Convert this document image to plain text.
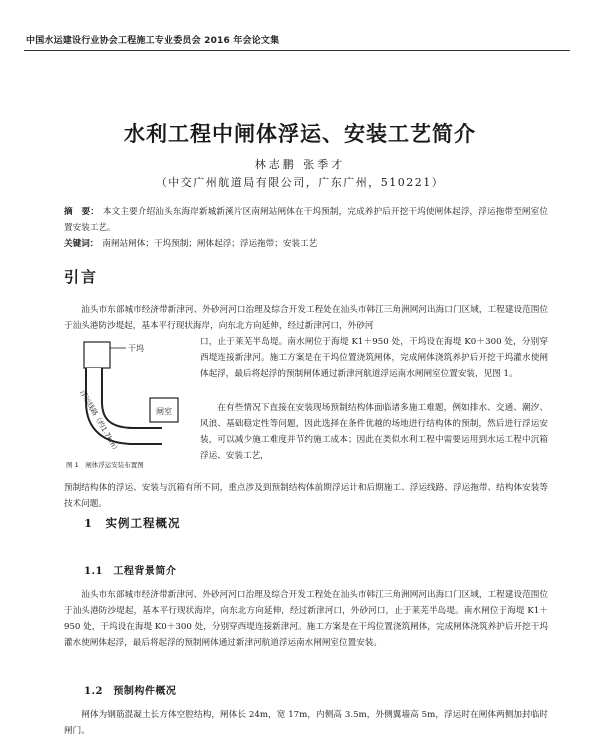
中国水运建设行业协会工程施工专业委员会 2016 年会论文集
水利工程中闸体浮运、安装工艺简介
林志鹏 张季才
（中交广州航道局有限公司，广东广州，510221）
摘　要： 本文主要介绍汕头东海岸新城新溪片区南闸站闸体在干坞预制，完成养护后开挖干坞使闸体起浮，浮运拖带至闸室位置安装工艺。
关键词： 南闸站闸体；干坞预制；闸体起浮；浮运拖带；安装工艺
引言
汕头市东部城市经济带新津河、外砂河河口治理及综合开发工程处在汕头市韩江三角洲网河出海口门区域，工程建设范围位于汕头港防沙堤起，基本平行现状海岸，向东北方向延伸，经过新津河口，外砂河
干坞
浮运线路（约1.7km）	闸室
图 1　闸体浮运安装布置图
口，止于莱芜半岛堤。南水闸位于海堤 K1＋950 处，干坞设在海堤 K0＋300 处，分别穿西堤连接新津河。施工方案是在干坞位置浇筑闸体，完成闸体浇筑养护后开挖干坞灌水使闸体起浮，最后将起浮的预制闸体通过新津河航道浮运南水闸闸室位置安装，见图 1。
在有些情况下直接在安装现场预制结构体面临诸多施工难题，例如排水、交通、潮汐、风浪、基础稳定性等问题，因此选择在条件优越的场地进行结构体的预制，然后进行浮运安装，可以减少施工难度并节约施工成本；因此在类似水利工程中需要运用到水运工程中沉箱浮运、安装工艺，
预制结构体的浮运、安装与沉箱有所不同，重点涉及到预制结构体前期浮运计和后期施工、浮运线路、浮运拖带、结构体安装等技术问题。
1　实例工程概况
1.1　工程背景简介
汕头市东部城市经济带新津河、外砂河河口治理及综合开发工程处在汕头市韩江三角洲网河出海口门区域，工程建设范围位于汕头港防沙堤起，基本平行现状海岸，向东北方向延伸，经过新津河口，外砂河口，止于莱芜半岛堤。南水闸位于海堤 K1＋950 处，干坞设在海堤 K0＋300 处，分别穿西堤连接新津河。施工方案是在干坞位置浇筑闸体，完成闸体浇筑养护后开挖干坞灌水使闸体起浮，最后将起浮的预制闸体通过新津河航道浮运南水闸闸室位置安装。
1.2　预制构件概况
闸体为钢筋混凝土长方体空腔结构，闸体长 24m，宽 17m，内侧高 3.5m，外侧翼墙高 5m，浮运时在闸体两侧加封临时闸门。
